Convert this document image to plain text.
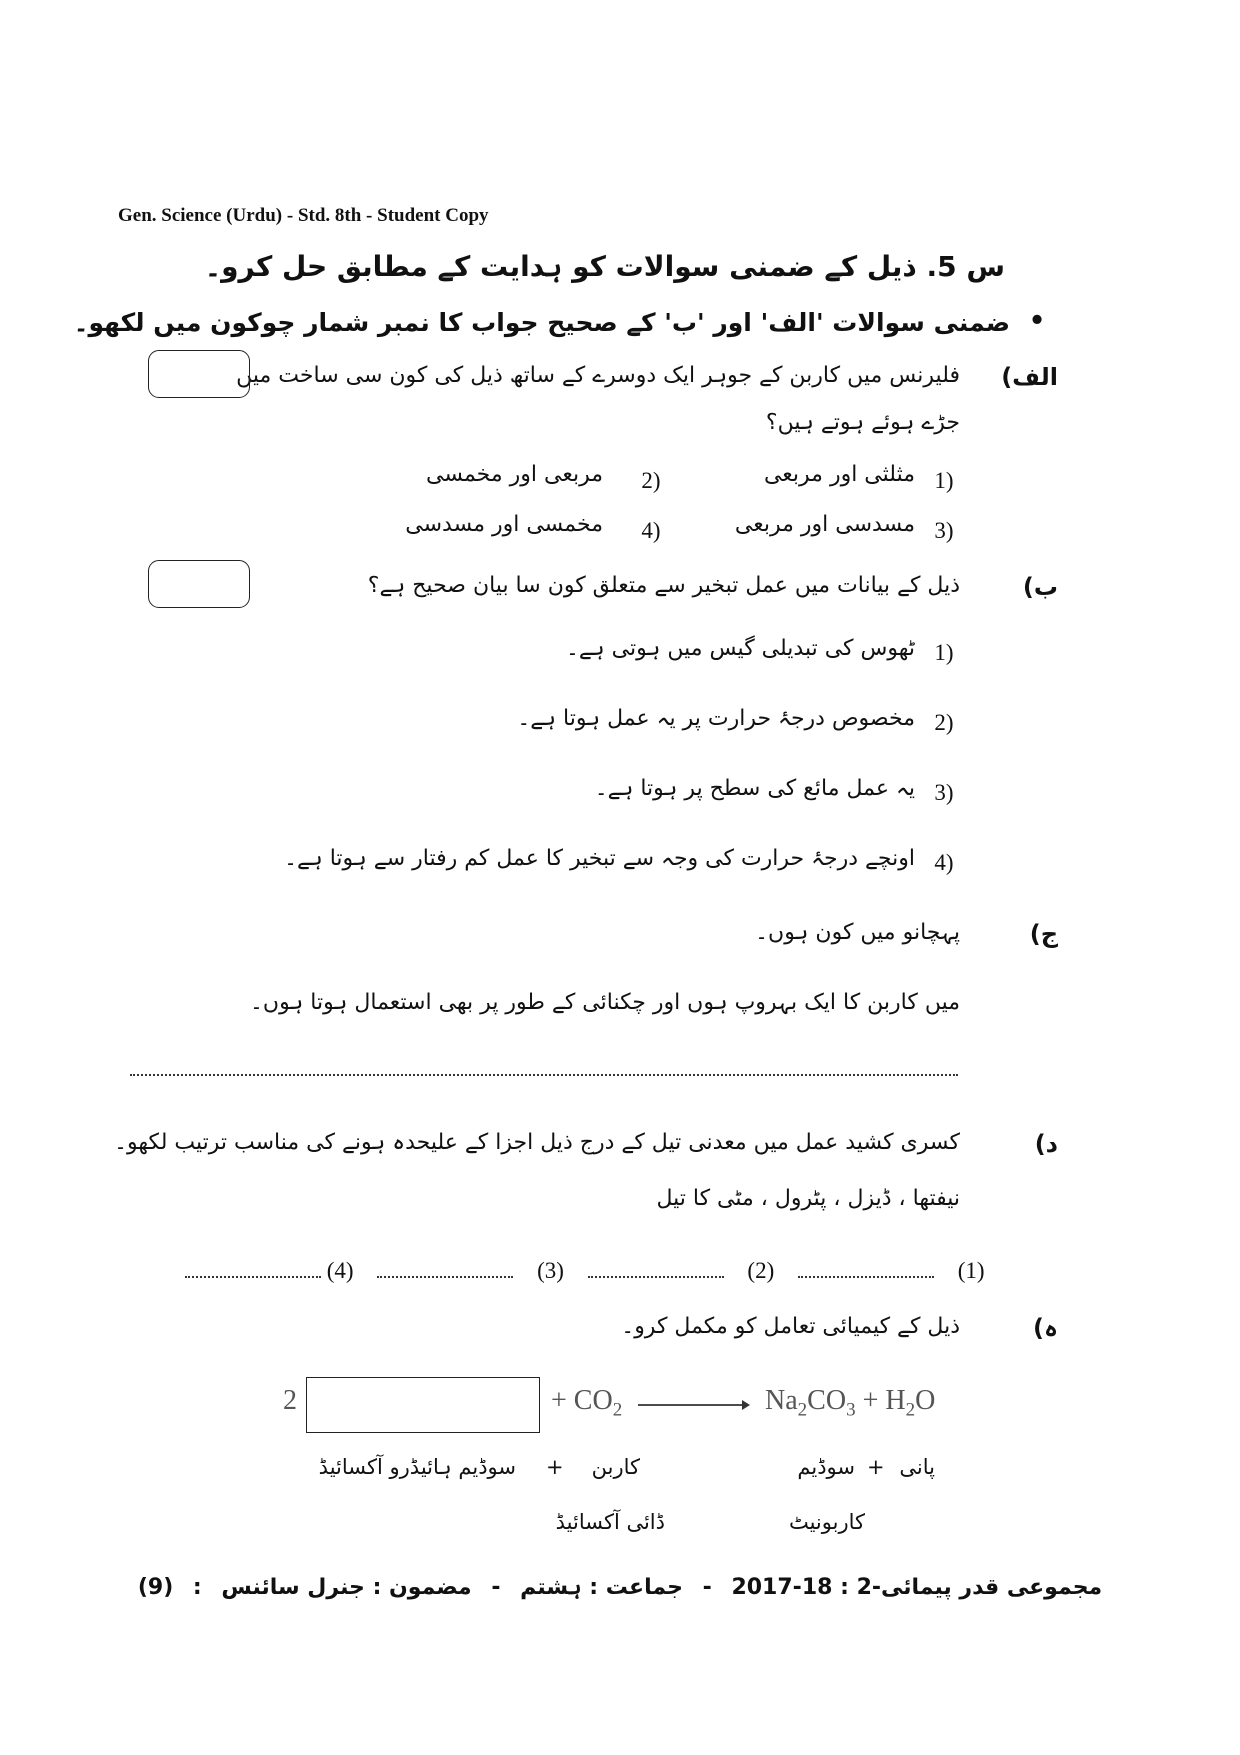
Gen. Science (Urdu) - Std. 8th - Student Copy
س 5. ذیل کے ضمنی سوالات کو ہدایت کے مطابق حل کرو۔
ضمنی سوالات 'الف' اور 'ب' کے صحیح جواب کا نمبر شمار چوکون میں لکھو۔ •
الف)
فلیرنس میں کاربن کے جوہر ایک دوسرے کے ساتھ ذیل کی کون سی ساخت میں
جڑے ہوئے ہوتے ہیں؟
1)
مثلثی اور مربعی
2)
مربعی اور مخمسی
3)
مسدسی اور مربعی
4)
مخمسی اور مسدسی
ب)
ذیل کے بیانات میں عمل تبخیر سے متعلق کون سا بیان صحیح ہے؟
1)
ٹھوس کی تبدیلی گیس میں ہوتی ہے۔
2)
مخصوص درجۂ حرارت پر یہ عمل ہوتا ہے۔
3)
یہ عمل مائع کی سطح پر ہوتا ہے۔
4)
اونچے درجۂ حرارت کی وجہ سے تبخیر کا عمل کم رفتار سے ہوتا ہے۔
ج)
پہچانو میں کون ہوں۔
میں کاربن کا ایک بہروپ ہوں اور چکنائی کے طور پر بھی استعمال ہوتا ہوں۔
د)
کسری کشید عمل میں معدنی تیل کے درج ذیل اجزا کے علیحدہ ہونے کی مناسب ترتیب لکھو۔
نیفتھا ، ڈیزل ، پٹرول ، مٹی کا تیل
(4)	(3)	(2)	(1)
ہ)
ذیل کے کیمیائی تعامل کو مکمل کرو۔
2	+ $CO_2$	$Na_2CO_3 + H_2O$
سوڈیم ہائیڈرو آکسائیڈ + کاربن
ڈائی آکسائیڈ
سوڈیم
کاربونیٹ
+ پانی
مجموعی قدر پیمائی-2 : 18-2017 - جماعت : ہشتم - مضمون : جنرل سائنس : (9)
